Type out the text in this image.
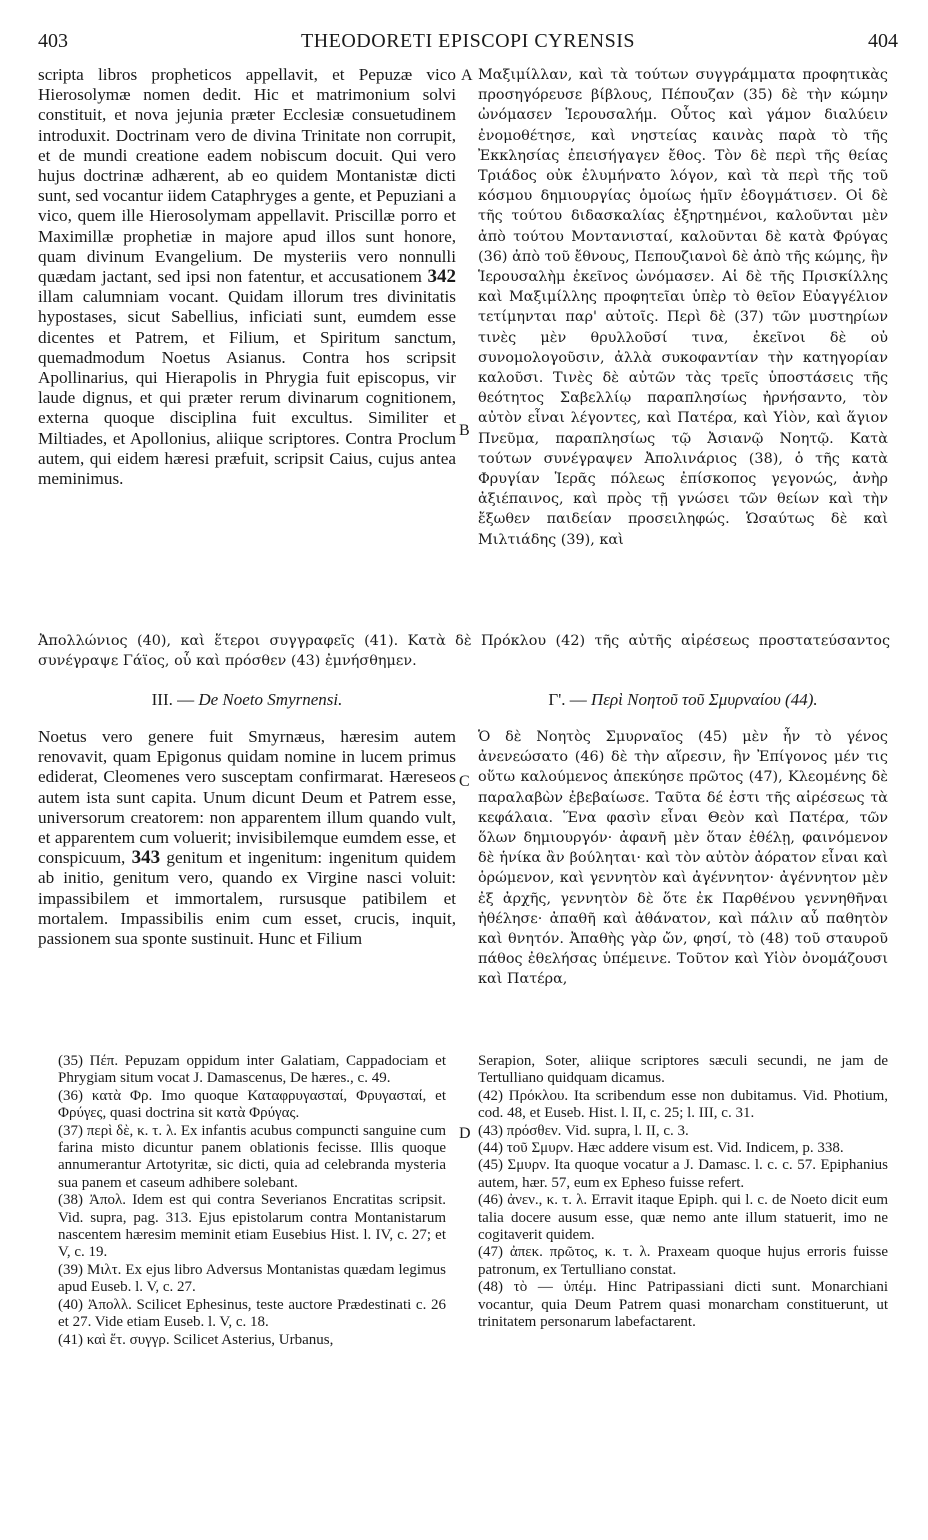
403	THEODORETI EPISCOPI CYRENSIS	404
A
B
C
D

scripta libros propheticos appellavit, et Pepuzæ vico Hierosolymæ nomen dedit. Hic et matrimonium solvi constituit, et nova jejunia præter Ecclesiæ consuetudinem introduxit. Doctrinam vero de divina Trinitate non corrupit, et de mundi creatione eadem nobiscum docuit. Qui vero hujus doctrinæ adhærent, ab eo quidem Montanistæ dicti sunt, sed vocantur iidem Cataphryges a gente, et Pepuziani a vico, quem ille Hierosolymam appellavit. Priscillæ porro et Maximillæ prophetiæ in majore apud illos sunt honore, quam divinum Evangelium. De mysteriis vero nonnulli quædam jactant, sed ipsi non fatentur, et accusationem 342 illam calumniam vocant. Quidam illorum tres divinitatis hypostases, sicut Sabellius, inficiati sunt, eumdem esse dicentes et Patrem, et Filium, et Spiritum sanctum, quemadmodum Noetus Asianus. Contra hos scripsit Apollinarius, qui Hierapolis in Phrygia fuit episcopus, vir laude dignus, et qui præter rerum divinarum cognitionem, externa quoque disciplina fuit excultus. Similiter et Miltiades, et Apollonius, aliique scriptores. Contra Proclum autem, qui eidem hæresi præfuit, scripsit Caius, cujus antea meminimus.

Μαξιμίλλαν, καὶ τὰ τούτων συγγράμματα προφητικὰς προσηγόρευσε βίβλους, Πέπουζαν (35) δὲ τὴν κώμην ὠνόμασεν Ἱερουσαλήμ. Οὗτος καὶ γάμον διαλύειν ἐνομοθέτησε, καὶ νηστείας καινὰς παρὰ τὸ τῆς Ἐκκλησίας ἐπεισήγαγεν ἔθος. Τὸν δὲ περὶ τῆς θείας Τριάδος οὐκ ἐλυμήνατο λόγον, καὶ τὰ περὶ τῆς τοῦ κόσμου δημιουργίας ὁμοίως ἡμῖν ἐδογμάτισεν. Οἱ δὲ τῆς τούτου διδασκαλίας ἐξηρτημένοι, καλοῦνται μὲν ἀπὸ τούτου Μοντανισταί, καλοῦνται δὲ κατὰ Φρύγας (36) ἀπὸ τοῦ ἔθνους, Πεπουζιανοὶ δὲ ἀπὸ τῆς κώμης, ἣν Ἱερουσαλὴμ ἐκεῖνος ὠνόμασεν. Αἱ δὲ τῆς Πρισκίλλης καὶ Μαξιμίλλης προφητεῖαι ὑπὲρ τὸ θεῖον Εὐαγγέλιον τετίμηνται παρ' αὐτοῖς. Περὶ δὲ (37) τῶν μυστηρίων τινὲς μὲν θρυλλοῦσί τινα, ἐκεῖνοι δὲ οὐ συνομολογοῦσιν, ἀλλὰ συκοφαντίαν τὴν κατηγορίαν καλοῦσι. Τινὲς δὲ αὐτῶν τὰς τρεῖς ὑποστάσεις τῆς θεότητος Σαβελλίῳ παραπλησίως ἠρνήσαντο, τὸν αὐτὸν εἶναι λέγοντες, καὶ Πατέρα, καὶ Υἱὸν, καὶ ἅγιον Πνεῦμα, παραπλησίως τῷ Ἀσιανῷ Νοητῷ. Κατὰ τούτων συνέγραψεν Ἀπολινάριος (38), ὁ τῆς κατὰ Φρυγίαν Ἱερᾶς πόλεως ἐπίσκοπος γεγονώς, ἀνὴρ ἀξιέπαινος, καὶ πρὸς τῇ γνώσει τῶν θείων καὶ τὴν ἔξωθεν παιδείαν προσειληφώς. Ὡσαύτως δὲ καὶ Μιλτιάδης (39), καὶ

Ἀπολλώνιος (40), καὶ ἕτεροι συγγραφεῖς (41). Κατὰ δὲ Πρόκλου (42) τῆς αὐτῆς αἱρέσεως προστατεύσαντος συνέγραψε Γάϊος, οὗ καὶ πρόσθεν (43) ἐμνήσθημεν.

III. — De Noeto Smyrnensi.	Γ'. — Περὶ Νοητοῦ τοῦ Σμυρναίου (44).

Noetus vero genere fuit Smyrnæus, hæresim autem renovavit, quam Epigonus quidam nomine in lucem primus ediderat, Cleomenes vero susceptam confirmarat. Hæreseos autem ista sunt capita. Unum dicunt Deum et Patrem esse, universorum creatorem: non apparentem illum quando vult, et apparentem cum voluerit; invisibilemque eumdem esse, et conspicuum, 343 genitum et ingenitum: ingenitum quidem ab initio, genitum vero, quando ex Virgine nasci voluit: impassibilem et immortalem, rursusque patibilem et mortalem. Impassibilis enim cum esset, crucis, inquit, passionem sua sponte sustinuit. Hunc et Filium

Ὁ δὲ Νοητὸς Σμυρναῖος (45) μὲν ἦν τὸ γένος ἀνενεώσατο (46) δὲ τὴν αἵρεσιν, ἣν Ἐπίγονος μέν τις οὕτω καλούμενος ἀπεκύησε πρῶτος (47), Κλεομένης δὲ παραλαβὼν ἐβεβαίωσε. Ταῦτα δέ ἐστι τῆς αἱρέσεως τὰ κεφάλαια. Ἕνα φασὶν εἶναι Θεὸν καὶ Πατέρα, τῶν ὅλων δημιουργόν· ἀφανῆ μὲν ὅταν ἐθέλῃ, φαινόμενον δὲ ἡνίκα ἂν βούληται· καὶ τὸν αὐτὸν ἀόρατον εἶναι καὶ ὁρώμενον, καὶ γεννητὸν καὶ ἀγέννητον· ἀγέννητον μὲν ἐξ ἀρχῆς, γεννητὸν δὲ ὅτε ἐκ Παρθένου γεννηθῆναι ἠθέλησε· ἀπαθῆ καὶ ἀθάνατον, καὶ πάλιν αὖ παθητὸν καὶ θνητόν. Ἀπαθὴς γὰρ ὤν, φησί, τὸ (48) τοῦ σταυροῦ πάθος ἐθελήσας ὑπέμεινε. Τοῦτον καὶ Υἱὸν ὀνομάζουσι καὶ Πατέρα,

(35) Πέπ. Pepuzam oppidum inter Galatiam, Cappadociam et Phrygiam situm vocat J. Damascenus, De hæres., c. 49.

(36) κατὰ Φρ. Imo quoque Καταφρυγασταί, Φρυγασταί, et Φρύγες, quasi doctrina sit κατὰ Φρύγας.

(37) περὶ δὲ, κ. τ. λ. Ex infantis acubus compuncti sanguine cum farina misto dicuntur panem oblationis fecisse. Illis quoque annumerantur Artotyritæ, sic dicti, quia ad celebranda mysteria sua panem et caseum adhibere solebant.

(38) Ἀπολ. Idem est qui contra Severianos Encratitas scripsit. Vid. supra, pag. 313. Ejus epistolarum contra Montanistarum nascentem hæresim meminit etiam Eusebius Hist. l. IV, c. 27; et V, c. 19.

(39) Μιλτ. Ex ejus libro Adversus Montanistas quædam legimus apud Euseb. l. V, c. 27.

(40) Ἀπολλ. Scilicet Ephesinus, teste auctore Prædestinati c. 26 et 27. Vide etiam Euseb. l. V, c. 18.

(41) καὶ ἕτ. συγγρ. Scilicet Asterius, Urbanus,

Serapion, Soter, aliique scriptores sæculi secundi, ne jam de Tertulliano quidquam dicamus.

(42) Πρόκλου. Ita scribendum esse non dubitamus. Vid. Photium, cod. 48, et Euseb. Hist. l. II, c. 25; l. III, c. 31.

(43) πρόσθεν. Vid. supra, l. II, c. 3.

(44) τοῦ Σμυρν. Hæc addere visum est. Vid. Indicem, p. 338.

(45) Σμυρν. Ita quoque vocatur a J. Damasc. l. c. c. 57. Epiphanius autem, hær. 57, eum ex Epheso fuisse refert.

(46) ἀνεν., κ. τ. λ. Erravit itaque Epiph. qui l. c. de Noeto dicit eum talia docere ausum esse, quæ nemo ante illum statuerit, imo ne cogitaverit quidem.

(47) ἀπεκ. πρῶτος, κ. τ. λ. Praxeam quoque hujus erroris fuisse patronum, ex Tertulliano constat.

(48) τὸ — ὑπέμ. Hinc Patripassiani dicti sunt. Monarchiani vocantur, quia Deum Patrem quasi monarcham constituerunt, ut trinitatem personarum labefactarent.
